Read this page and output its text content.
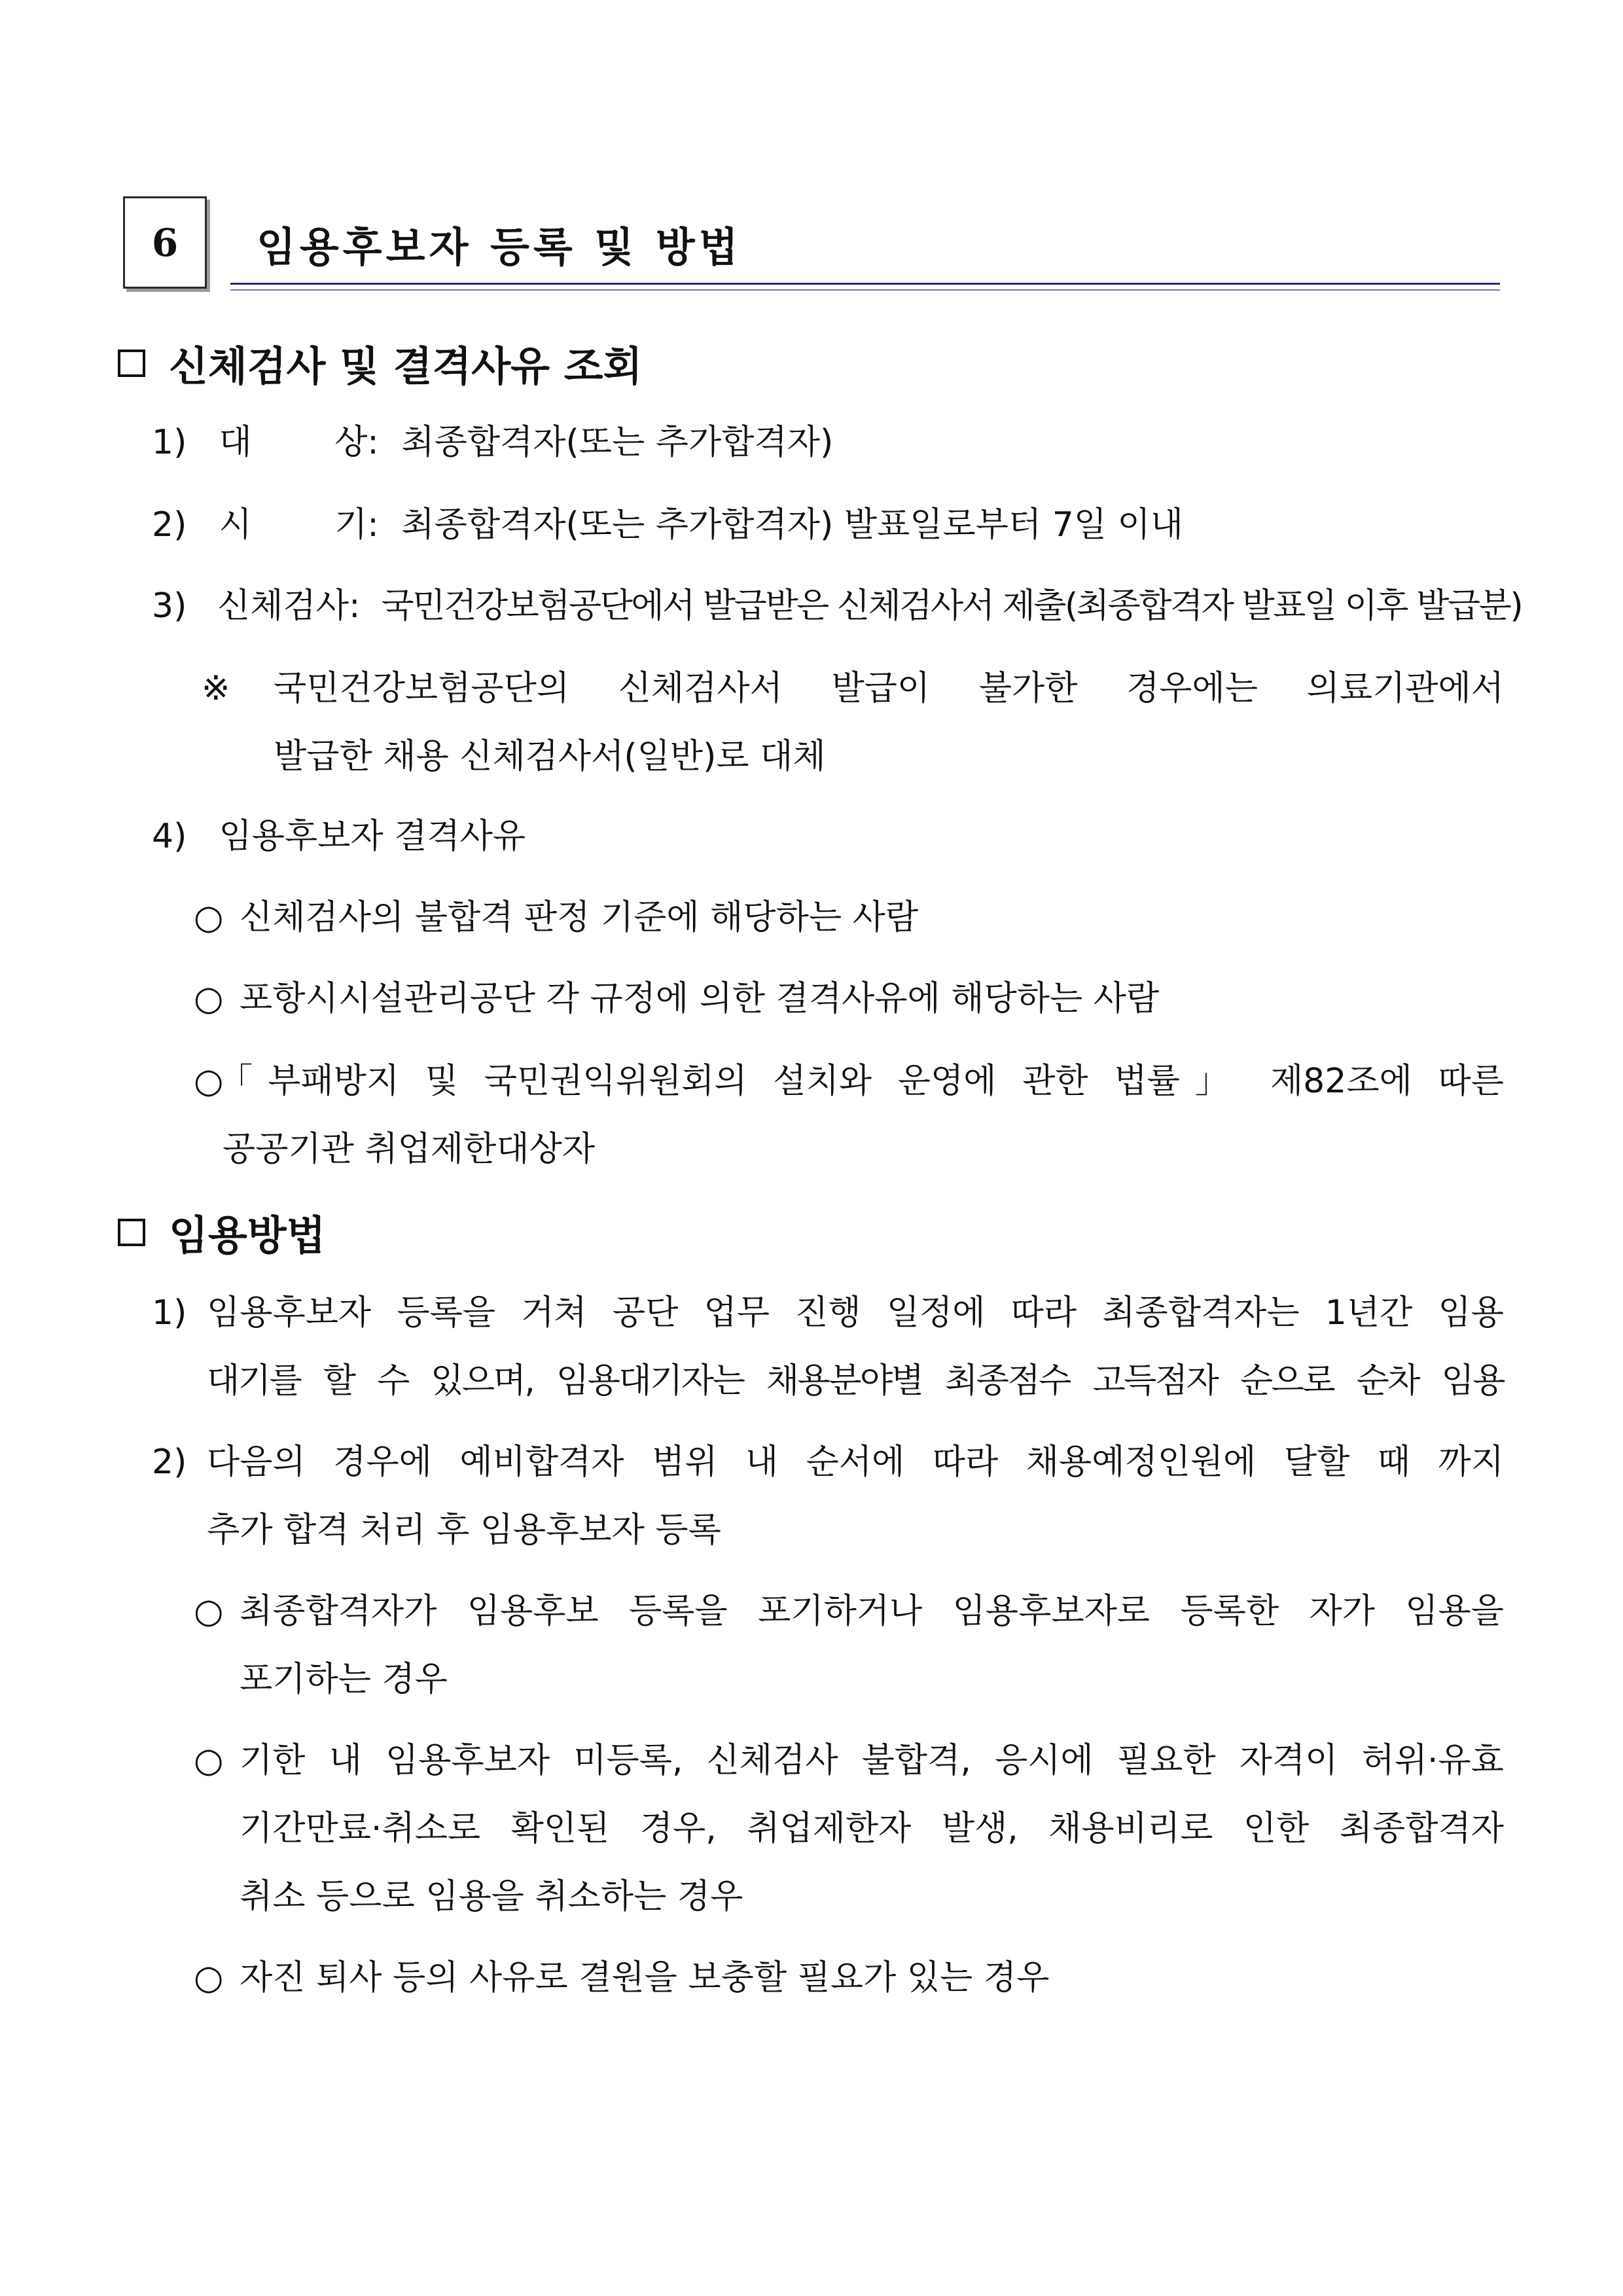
6 임용후보자 등록 및 방법
신체검사 및 결격사유 조회
1) 대 상: 최종합격자(또는 추가합격자)
2) 시 기: 최종합격자(또는 추가합격자) 발표일로부터 7일 이내
3) 신체검사: 국민건강보험공단에서 발급받은 신체검사서 제출(최종합격자 발표일 이후 발급분)
※ 국민건강보험공단의 신체검사서 발급이 불가한 경우에는 의료기관에서
발급한 채용 신체검사서(일반)로 대체
4) 임용후보자 결격사유
○ 신체검사의 불합격 판정 기준에 해당하는 사람
○ 포항시시설관리공단 각 규정에 의한 결격사유에 해당하는 사람
○
「부패방지 및 국민권익위원회의 설치와 운영에 관한 법률」 제82조에 따른
공공기관 취업제한대상자
임용방법
1) 임용후보자 등록을 거쳐 공단 업무 진행 일정에 따라 최종합격자는 1년간 임용
대기를 할 수 있으며, 임용대기자는 채용분야별 최종점수 고득점자 순으로 순차 임용
2) 다음의 경우에 예비합격자 범위 내 순서에 따라 채용예정인원에 달할 때 까지
추가 합격 처리 후 임용후보자 등록
○ 최종합격자가 임용후보 등록을 포기하거나 임용후보자로 등록한 자가 임용을
포기하는 경우
○ 기한 내 임용후보자 미등록, 신체검사 불합격, 응시에 필요한 자격이 허위·유효
기간만료·취소로 확인된 경우, 취업제한자 발생, 채용비리로 인한 최종합격자
취소 등으로 임용을 취소하는 경우
○ 자진 퇴사 등의 사유로 결원을 보충할 필요가 있는 경우
